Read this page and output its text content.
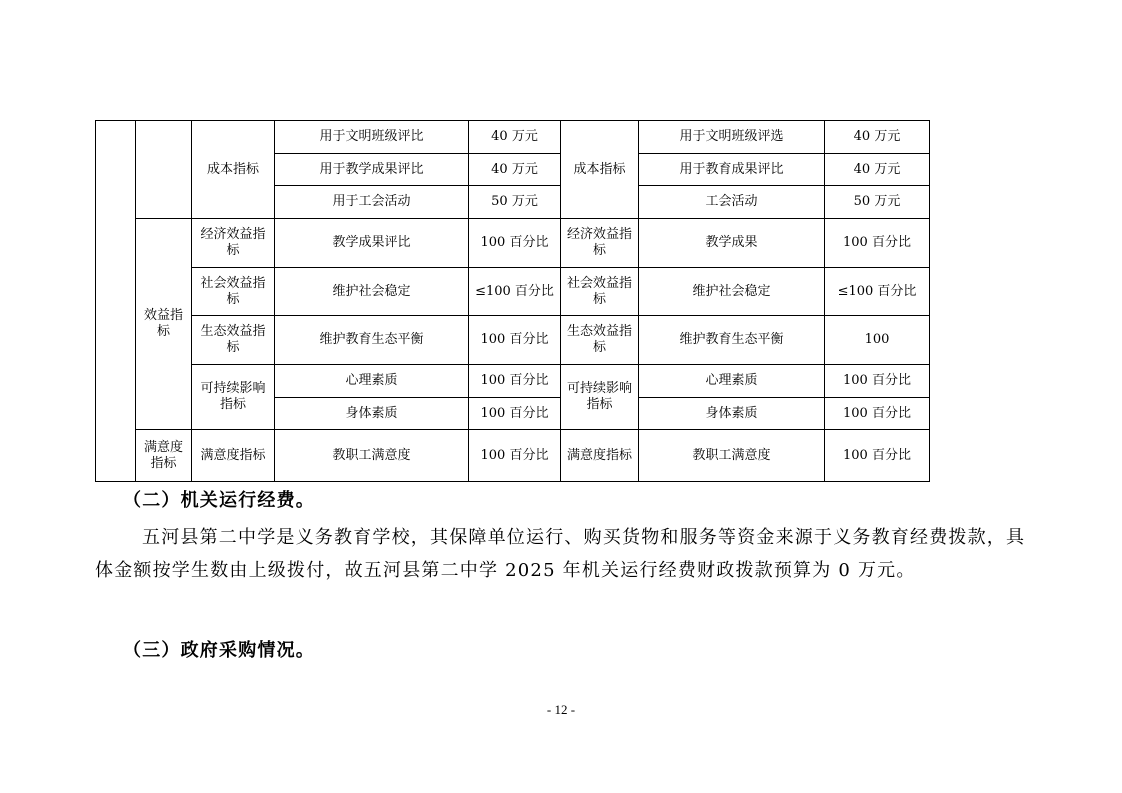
		成本指标	用于文明班级评比	40 万元	成本指标	用于文明班级评选	40 万元
			用于教学成果评比	40 万元		用于教育成果评比	40 万元
			用于工会活动	50 万元		工会活动	50 万元
	效益指标	经济效益指标	教学成果评比	100 百分比	经济效益指标	教学成果	100 百分比
		社会效益指标	维护社会稳定	≤100 百分比	社会效益指标	维护社会稳定	≤100 百分比
		生态效益指标	维护教育生态平衡	100 百分比	生态效益指标	维护教育生态平衡	100
		可持续影响指标	心理素质	100 百分比	可持续影响指标	心理素质	100 百分比
			身体素质	100 百分比		身体素质	100 百分比
	满意度指标	满意度指标	教职工满意度	100 百分比	满意度指标	教职工满意度	100 百分比

（二）机关运行经费。

五河县第二中学是义务教育学校，其保障单位运行、购买货物和服务等资金来源于义务教育经费拨款，具体金额按学生数由上级拨付，故五河县第二中学 2025 年机关运行经费财政拨款预算为 0 万元。

（三）政府采购情况。

- 12 -
